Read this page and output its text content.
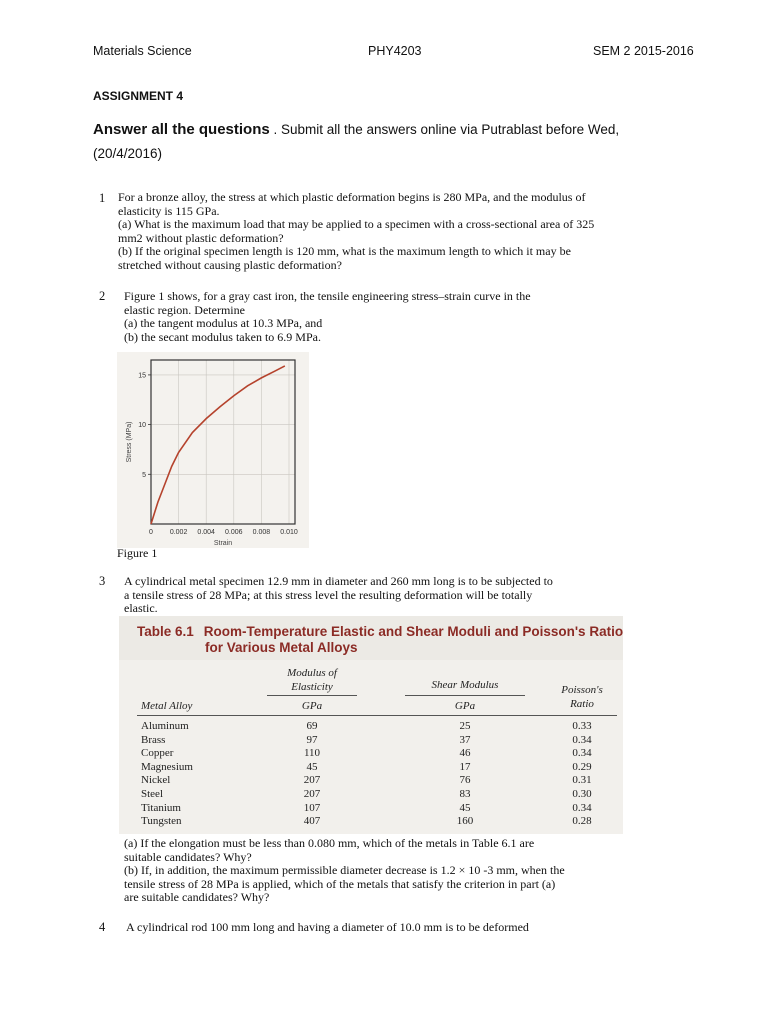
Materials Science	PHY4203	SEM 2 2015-2016
ASSIGNMENT 4
Answer all the questions . Submit all the answers online via Putrablast before Wed,
(20/4/2016)
1 For a bronze alloy, the stress at which plastic deformation begins is 280 MPa, and the modulus of
elasticity is 115 GPa.
(a) What is the maximum load that may be applied to a specimen with a cross-sectional area of 325
mm2 without plastic deformation?
(b) If the original specimen length is 120 mm, what is the maximum length to which it may be
stretched without causing plastic deformation?
2 Figure 1 shows, for a gray cast iron, the tensile engineering stress–strain curve in the
elastic region. Determine
(a) the tangent modulus at 10.3 MPa, and
(b) the secant modulus taken to 6.9 MPa.
0 0.002 0.004 0.006 0.008 0.010
5
10
15
Strain
Stress (MPa)
Figure 1
3 A cylindrical metal specimen 12.9 mm in diameter and 260 mm long is to be subjected to
a tensile stress of 28 MPa; at this stress level the resulting deformation will be totally
elastic.
Table 6.1 Room-Temperature Elastic and Shear Moduli and Poisson's Ratio
for Various Metal Alloys
Modulus of
Elasticity	Shear Modulus	Poisson's
Ratio
Metal Alloy	GPa	GPa
Aluminum	69	25	0.33
Brass	97	37	0.34
Copper	110	46	0.34
Magnesium	45	17	0.29
Nickel	207	76	0.31
Steel	207	83	0.30
Titanium	107	45	0.34
Tungsten	407	160	0.28
(a) If the elongation must be less than 0.080 mm, which of the metals in Table 6.1 are
suitable candidates? Why?
(b) If, in addition, the maximum permissible diameter decrease is 1.2 × 10 -3 mm, when the
tensile stress of 28 MPa is applied, which of the metals that satisfy the criterion in part (a)
are suitable candidates? Why?
4 A cylindrical rod 100 mm long and having a diameter of 10.0 mm is to be deformed
